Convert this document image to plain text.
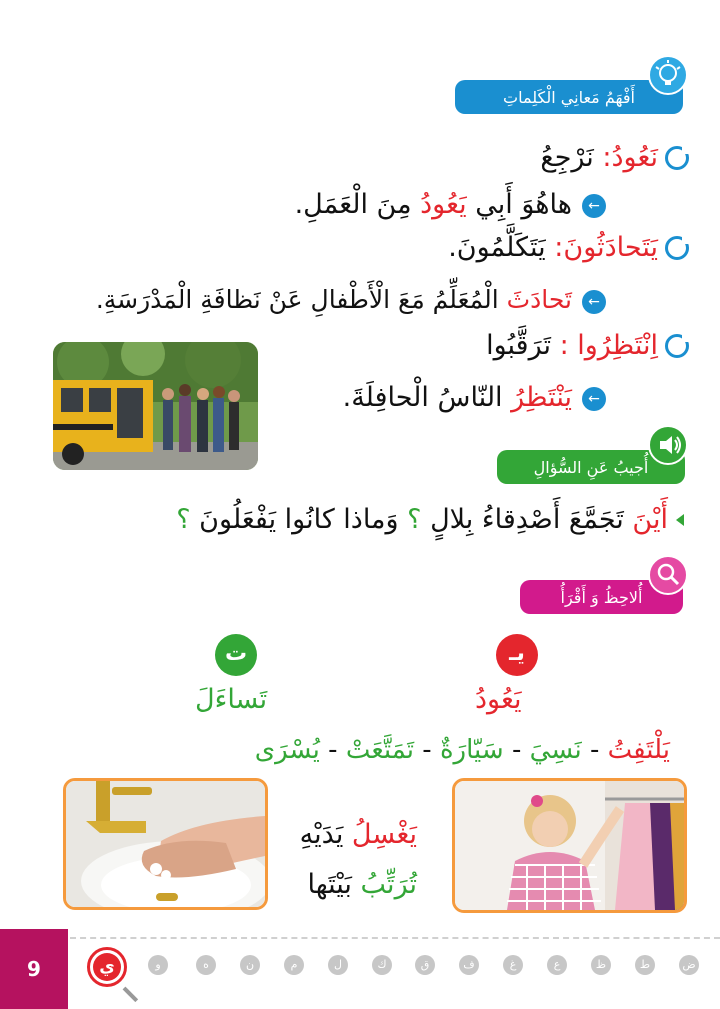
أَفْهَمُ مَعانِي الْكَلِماتِ
نَعُودُ: نَرْجِعُ
←
هاهُوَ أَبِي يَعُودُ مِنَ الْعَمَلِ.
يَتَحادَثُونَ: يَتَكَلَّمُونَ.
←
تَحادَثَ الْمُعَلِّمُ مَعَ الْأَطْفالِ عَنْ نَظافَةِ الْمَدْرَسَةِ.
اِنْتَظِرُوا : تَرَقَّبُوا
←
يَنْتَظِرُ النّاسُ الْحافِلَةَ.
أُجيبُ عَنِ السُّؤالِ
أَيْنَ تَجَمَّعَ أَصْدِقاءُ بِلالٍ ؟ وَماذا كانُوا يَفْعَلُونَ ؟
أُلاحِظُ وَ أَقْرَأُ
يـ
ت
يَعُودُ
تَساءَلَ
يَلْتَفِتُ - نَسِيَ - سَيّارَةٌ - تَمَتَّعَتْ - يُسْرَى
يَغْسِلُ يَدَيْهِ
تُرَتِّبُ بَيْتَها
9	ي	و	ه	ن	م	ل	ك	ق	ف	غ	ع	ظ	ط	ض
